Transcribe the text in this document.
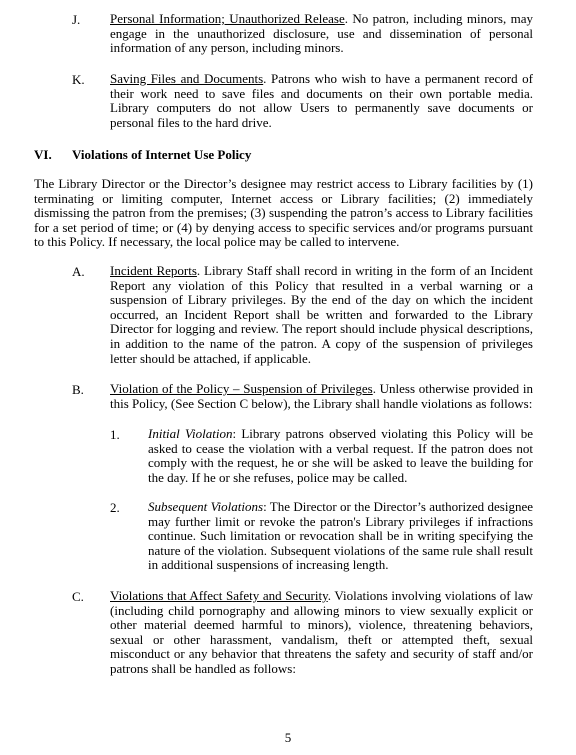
J. Personal Information; Unauthorized Release. No patron, including minors, may engage in the unauthorized disclosure, use and dissemination of personal information of any person, including minors.
K. Saving Files and Documents. Patrons who wish to have a permanent record of their work need to save files and documents on their own portable media. Library computers do not allow Users to permanently save documents or personal files to the hard drive.
VI. Violations of Internet Use Policy
The Library Director or the Director’s designee may restrict access to Library facilities by (1) terminating or limiting computer, Internet access or Library facilities; (2) immediately dismissing the patron from the premises; (3) suspending the patron’s access to Library facilities for a set period of time; or (4) by denying access to specific services and/or programs pursuant to this Policy. If necessary, the local police may be called to intervene.
A. Incident Reports. Library Staff shall record in writing in the form of an Incident Report any violation of this Policy that resulted in a verbal warning or a suspension of Library privileges. By the end of the day on which the incident occurred, an Incident Report shall be written and forwarded to the Library Director for logging and review. The report should include physical descriptions, in addition to the name of the patron. A copy of the suspension of privileges letter should be attached, if applicable.
B. Violation of the Policy – Suspension of Privileges. Unless otherwise provided in this Policy, (See Section C below), the Library shall handle violations as follows:
1. Initial Violation: Library patrons observed violating this Policy will be asked to cease the violation with a verbal request. If the patron does not comply with the request, he or she will be asked to leave the building for the day. If he or she refuses, police may be called.
2. Subsequent Violations: The Director or the Director’s authorized designee may further limit or revoke the patron's Library privileges if infractions continue. Such limitation or revocation shall be in writing specifying the nature of the violation. Subsequent violations of the same rule shall result in additional suspensions of increasing length.
C. Violations that Affect Safety and Security. Violations involving violations of law (including child pornography and allowing minors to view sexually explicit or other material deemed harmful to minors), violence, threatening behaviors, sexual or other harassment, vandalism, theft or attempted theft, sexual misconduct or any behavior that threatens the safety and security of staff and/or patrons shall be handled as follows:
5
